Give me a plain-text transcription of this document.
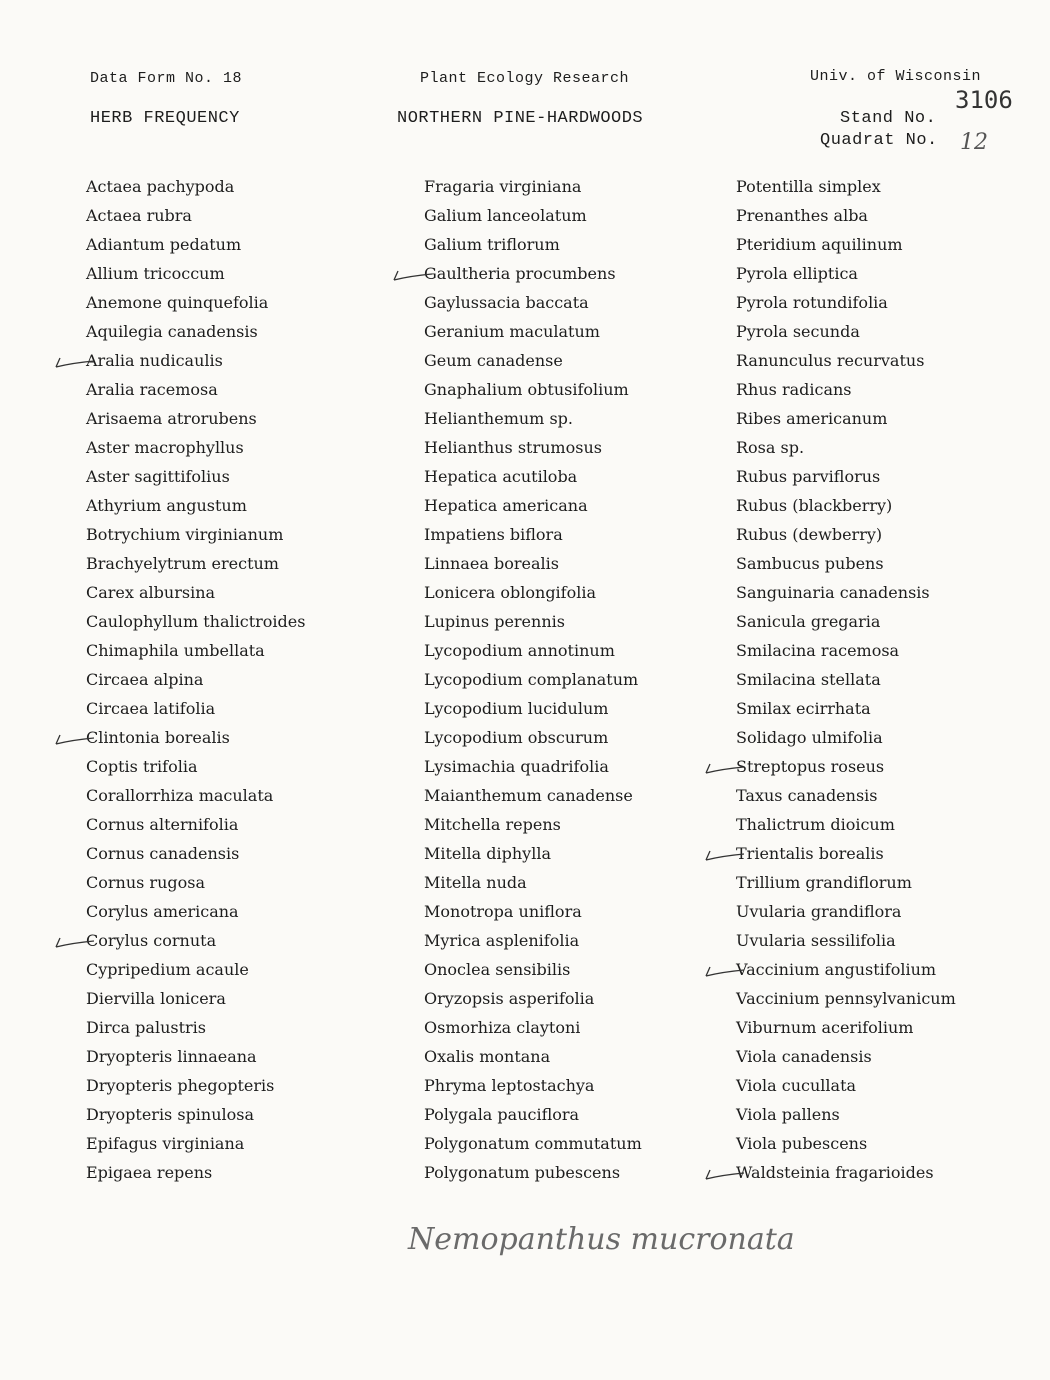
Data Form No. 18	Plant Ecology Research	Univ. of Wisconsin
HERB FREQUENCY	NORTHERN PINE-HARDWOODS	Stand No.
Quadrat No.
3106
12
Actaea pachypoda
Actaea rubra
Adiantum pedatum
Allium tricoccum
Anemone quinquefolia
Aquilegia canadensis
Aralia nudicaulis
Aralia racemosa
Arisaema atrorubens
Aster macrophyllus
Aster sagittifolius
Athyrium angustum
Botrychium virginianum
Brachyelytrum erectum
Carex albursina
Caulophyllum thalictroides
Chimaphila umbellata
Circaea alpina
Circaea latifolia
Clintonia borealis
Coptis trifolia
Corallorrhiza maculata
Cornus alternifolia
Cornus canadensis
Cornus rugosa
Corylus americana
Corylus cornuta
Cypripedium acaule
Diervilla lonicera
Dirca palustris
Dryopteris linnaeana
Dryopteris phegopteris
Dryopteris spinulosa
Epifagus virginiana
Epigaea repens
Fragaria virginiana
Galium lanceolatum
Galium triflorum
Gaultheria procumbens
Gaylussacia baccata
Geranium maculatum
Geum canadense
Gnaphalium obtusifolium
Helianthemum sp.
Helianthus strumosus
Hepatica acutiloba
Hepatica americana
Impatiens biflora
Linnaea borealis
Lonicera oblongifolia
Lupinus perennis
Lycopodium annotinum
Lycopodium complanatum
Lycopodium lucidulum
Lycopodium obscurum
Lysimachia quadrifolia
Maianthemum canadense
Mitchella repens
Mitella diphylla
Mitella nuda
Monotropa uniflora
Myrica asplenifolia
Onoclea sensibilis
Oryzopsis asperifolia
Osmorhiza claytoni
Oxalis montana
Phryma leptostachya
Polygala pauciflora
Polygonatum commutatum
Polygonatum pubescens
Potentilla simplex
Prenanthes alba
Pteridium aquilinum
Pyrola elliptica
Pyrola rotundifolia
Pyrola secunda
Ranunculus recurvatus
Rhus radicans
Ribes americanum
Rosa sp.
Rubus parviflorus
Rubus (blackberry)
Rubus (dewberry)
Sambucus pubens
Sanguinaria canadensis
Sanicula gregaria
Smilacina racemosa
Smilacina stellata
Smilax ecirrhata
Solidago ulmifolia
Streptopus roseus
Taxus canadensis
Thalictrum dioicum
Trientalis borealis
Trillium grandiflorum
Uvularia grandiflora
Uvularia sessilifolia
Vaccinium angustifolium
Vaccinium pennsylvanicum
Viburnum acerifolium
Viola canadensis
Viola cucullata
Viola pallens
Viola pubescens
Waldsteinia fragarioides
Nemopanthus mucronata
